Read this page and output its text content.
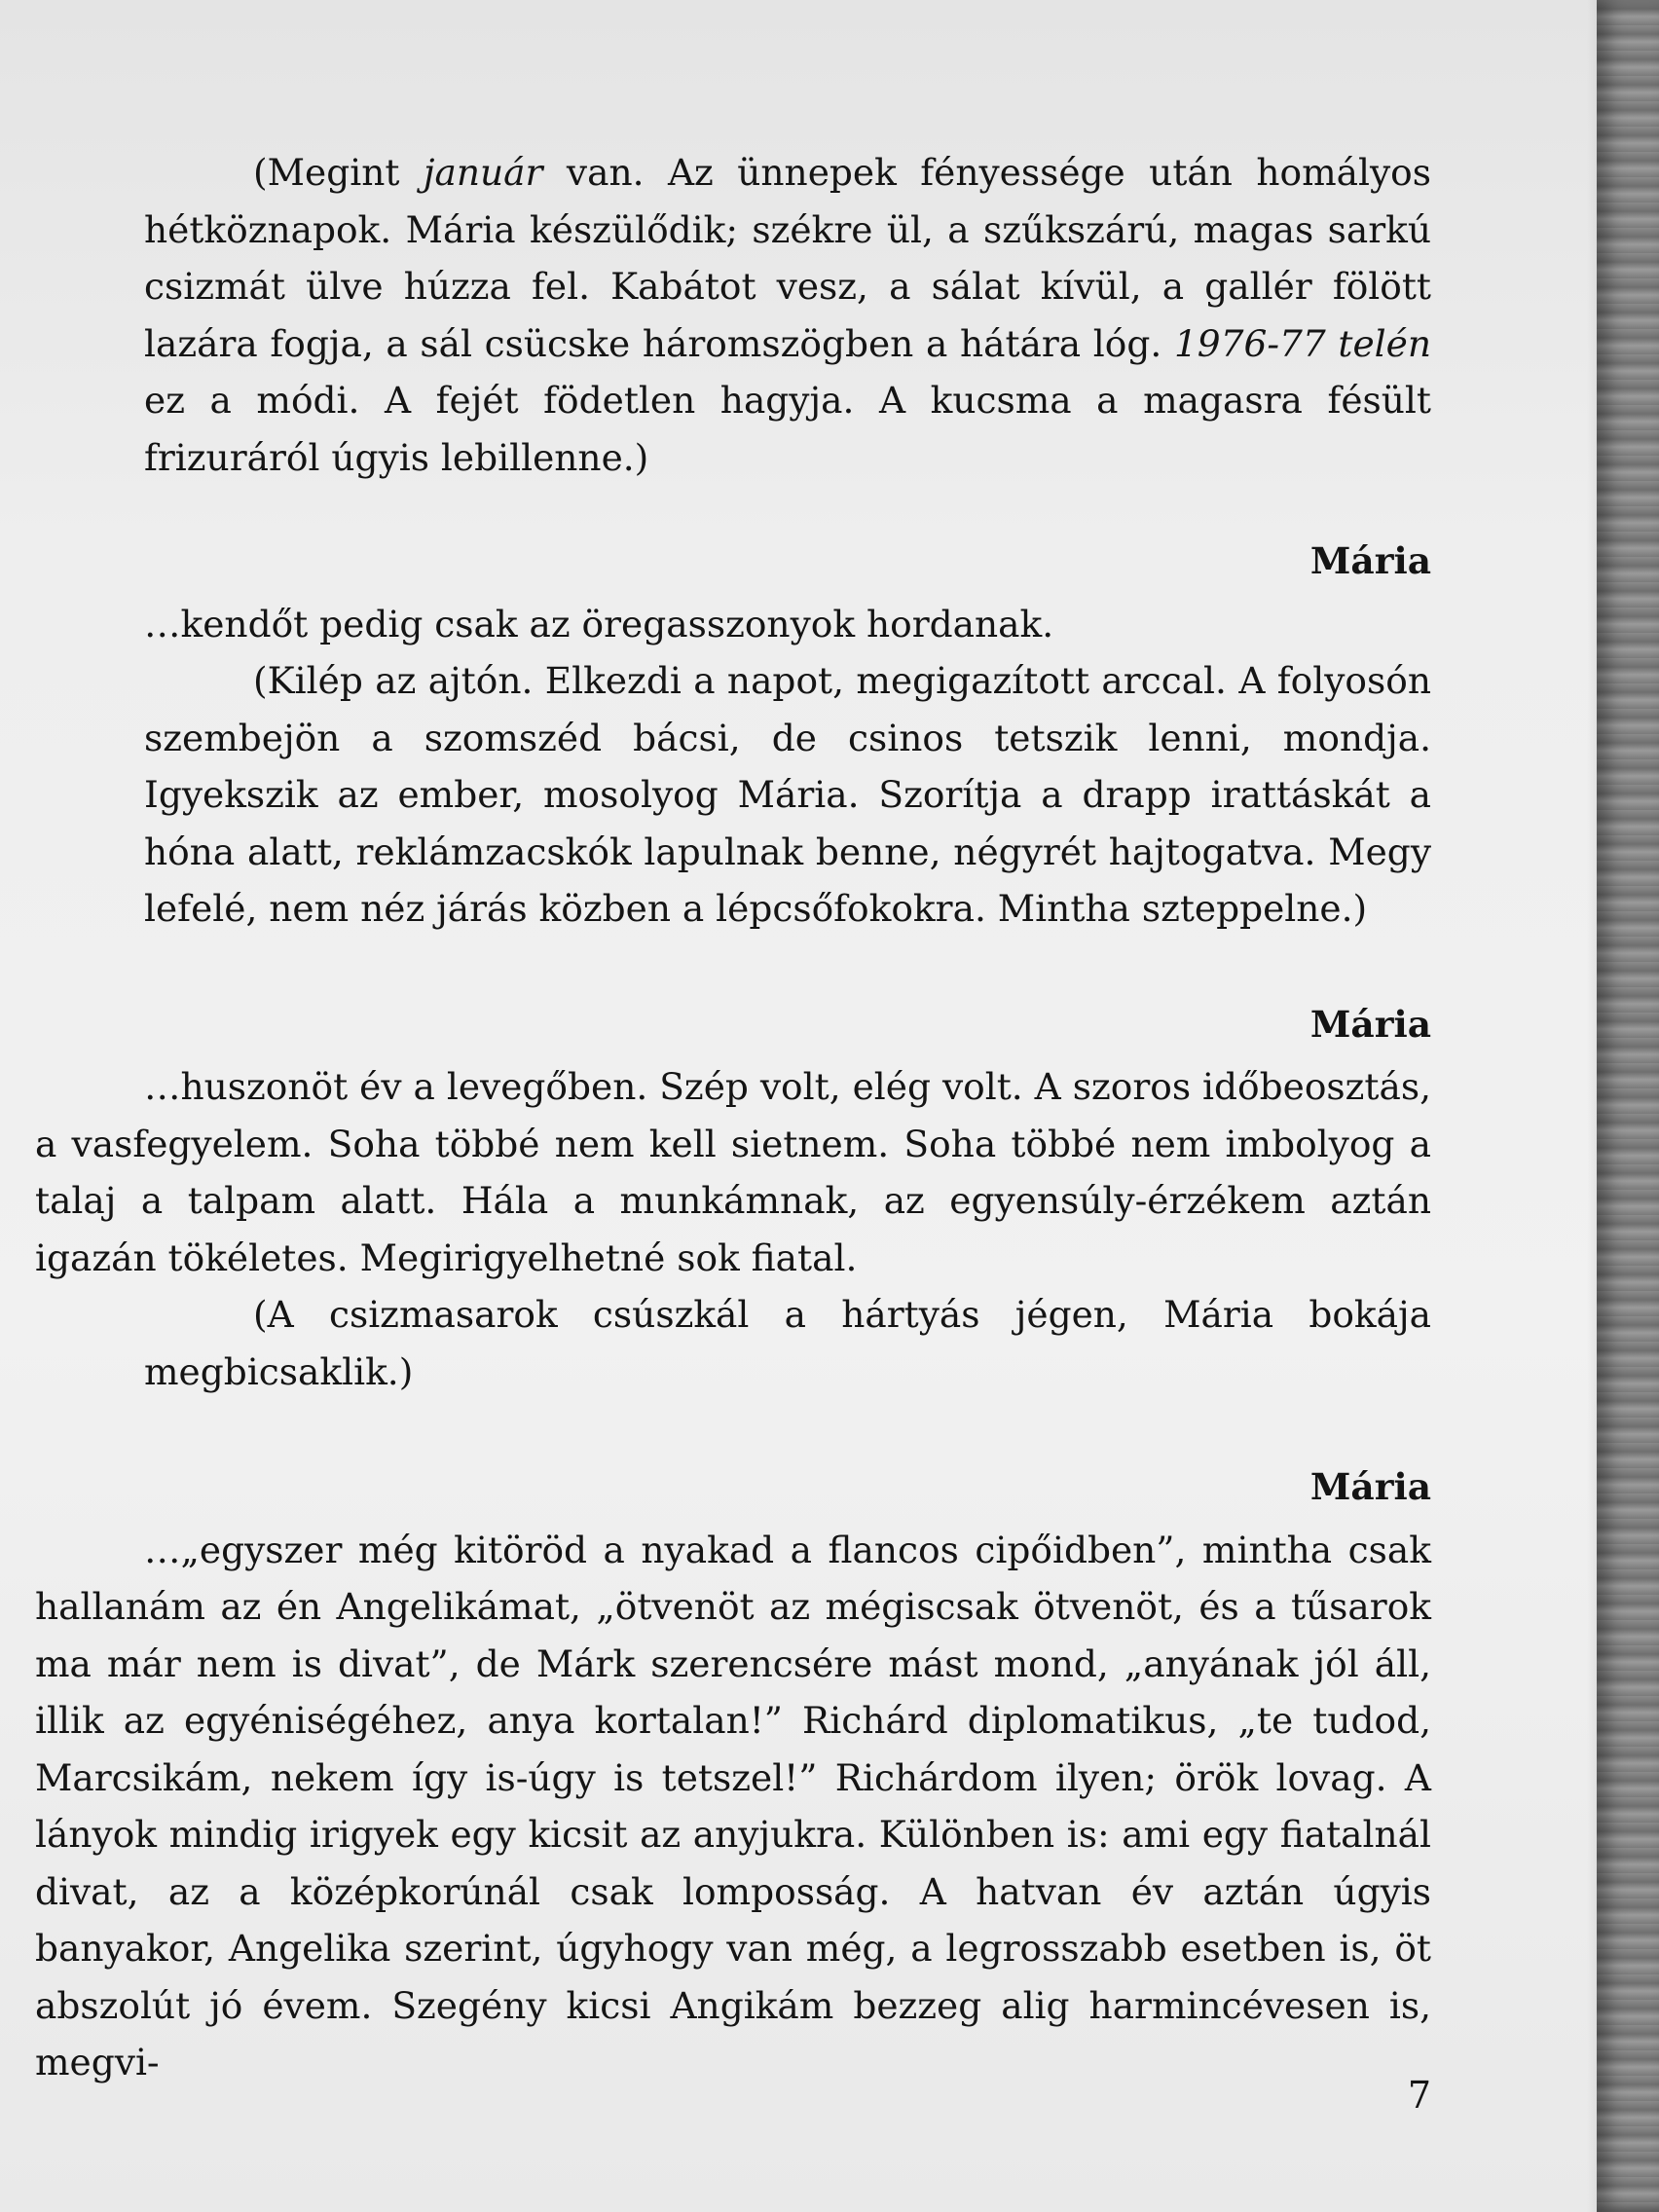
(Megint január van. Az ünnepek fényessége után homályos hétköznapok. Mária készülődik; székre ül, a szűkszárú, magas sarkú csizmát ülve húzza fel. Kabátot vesz, a sálat kívül, a gallér fölött lazára fogja, a sál csücske háromszögben a hátára lóg. 1976-77 telén ez a módi. A fejét födetlen hagyja. A kucsma a magasra fésült frizuráról úgyis lebillenne.)

Mária

…kendőt pedig csak az öregasszonyok hordanak.

(Kilép az ajtón. Elkezdi a napot, megigazított arccal. A folyosón szembejön a szomszéd bácsi, de csinos tetszik lenni, mondja. Igyekszik az ember, mosolyog Mária. Szorítja a drapp irattáskát a hóna alatt, reklámzacskók lapulnak benne, négyrét hajtogatva. Megy lefelé, nem néz járás közben a lépcsőfokokra. Mintha szteppelne.)

Mária

…huszonöt év a levegőben. Szép volt, elég volt. A szoros időbeosztás, a vasfegyelem. Soha többé nem kell sietnem. Soha többé nem imbolyog a talaj a talpam alatt. Hála a munkámnak, az egyensúly-érzékem aztán igazán tökéletes. Megirigyelhetné sok fiatal.

(A csizmasarok csúszkál a hártyás jégen, Mária bokája megbicsaklik.)

Mária

…„egyszer még kitöröd a nyakad a flancos cipőidben”, mintha csak hallanám az én Angelikámat, „ötvenöt az mégiscsak ötvenöt, és a tűsarok ma már nem is divat”, de Márk szerencsére mást mond, „anyának jól áll, illik az egyéniségéhez, anya kortalan!” Richárd diplomatikus, „te tudod, Marcsikám, nekem így is-úgy is tetszel!” Richárdom ilyen; örök lovag. A lányok mindig irigyek egy kicsit az anyjukra. Különben is: ami egy fiatalnál divat, az a középkorúnál csak lomposság. A hatvan év aztán úgyis banyakor, Angelika szerint, úgyhogy van még, a legrosszabb esetben is, öt abszolút jó évem. Szegény kicsi Angikám bezzeg alig harmincévesen is, megvi-

7
